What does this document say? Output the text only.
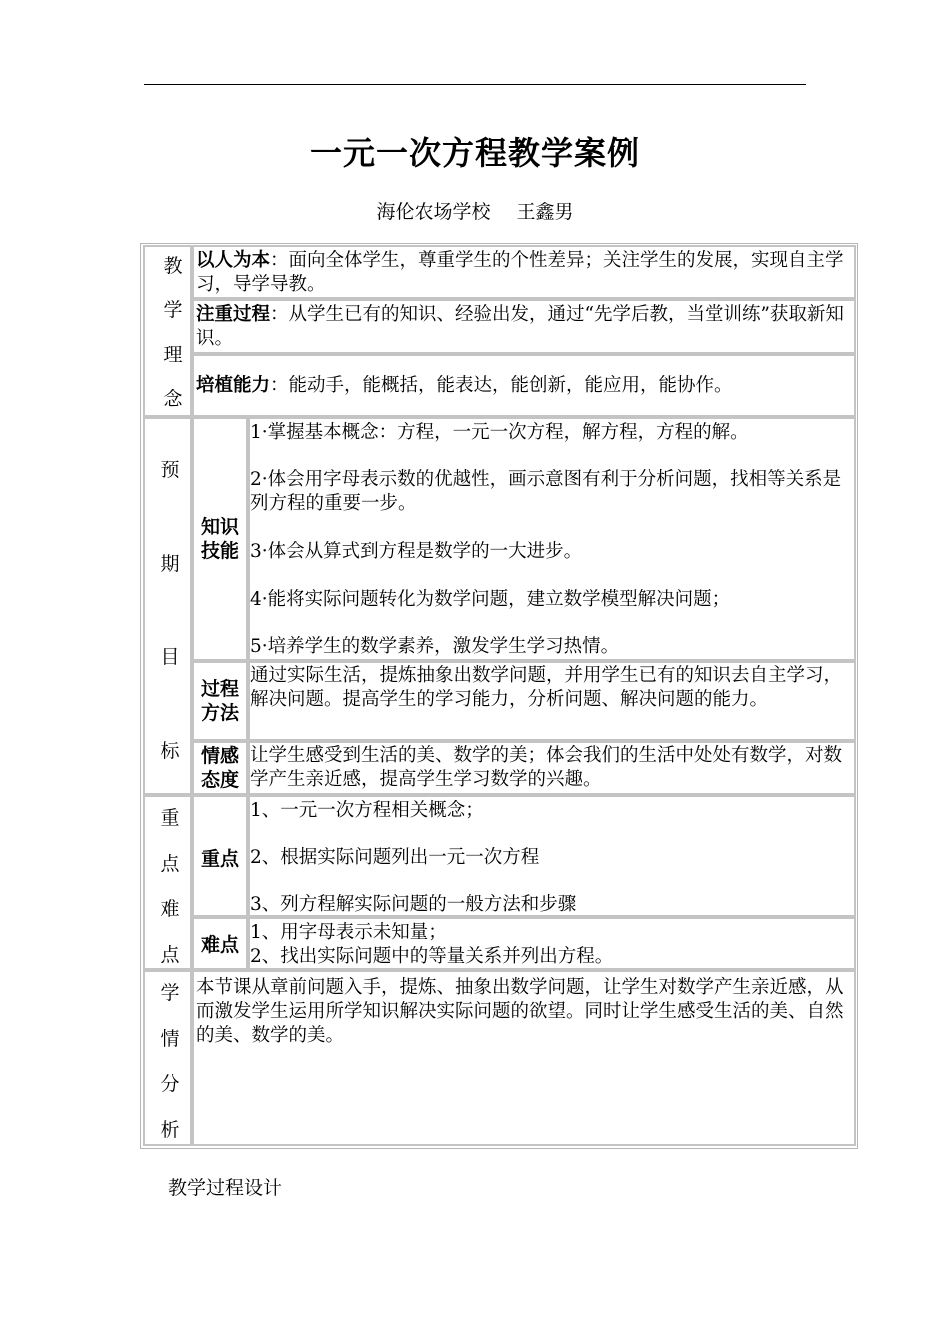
一元一次方程教学案例
海伦农场学校 王鑫男
教
学
理
念
以人为本：面向全体学生，尊重学生的个性差异；关注学生的发展，实现自主学习，导学导教。
注重过程：从学生已有的知识、经验出发，通过“先学后教，当堂训练”获取新知识。
培植能力：能动手，能概括，能表达，能创新，能应用，能协作。
预
期
目
标
知识技能
1·掌握基本概念：方程，一元一次方程，解方程，方程的解。
2·体会用字母表示数的优越性，画示意图有利于分析问题，找相等关系是列方程的重要一步。
3·体会从算式到方程是数学的一大进步。
4·能将实际问题转化为数学问题，建立数学模型解决问题；
5·培养学生的数学素养，激发学生学习热情。
过程方法
通过实际生活，提炼抽象出数学问题，并用学生已有的知识去自主学习，解决问题。提高学生的学习能力，分析问题、解决问题的能力。
情感态度
让学生感受到生活的美、数学的美；体会我们的生活中处处有数学，对数学产生亲近感，提高学生学习数学的兴趣。
重
点
难
点
重点
1、一元一次方程相关概念；
2、根据实际问题列出一元一次方程
3、列方程解实际问题的一般方法和步骤
难点
1、用字母表示未知量；
2、找出实际问题中的等量关系并列出方程。
学
情
分
析
本节课从章前问题入手，提炼、抽象出数学问题，让学生对数学产生亲近感，从而激发学生运用所学知识解决实际问题的欲望。同时让学生感受生活的美、自然的美、数学的美。
教学过程设计
